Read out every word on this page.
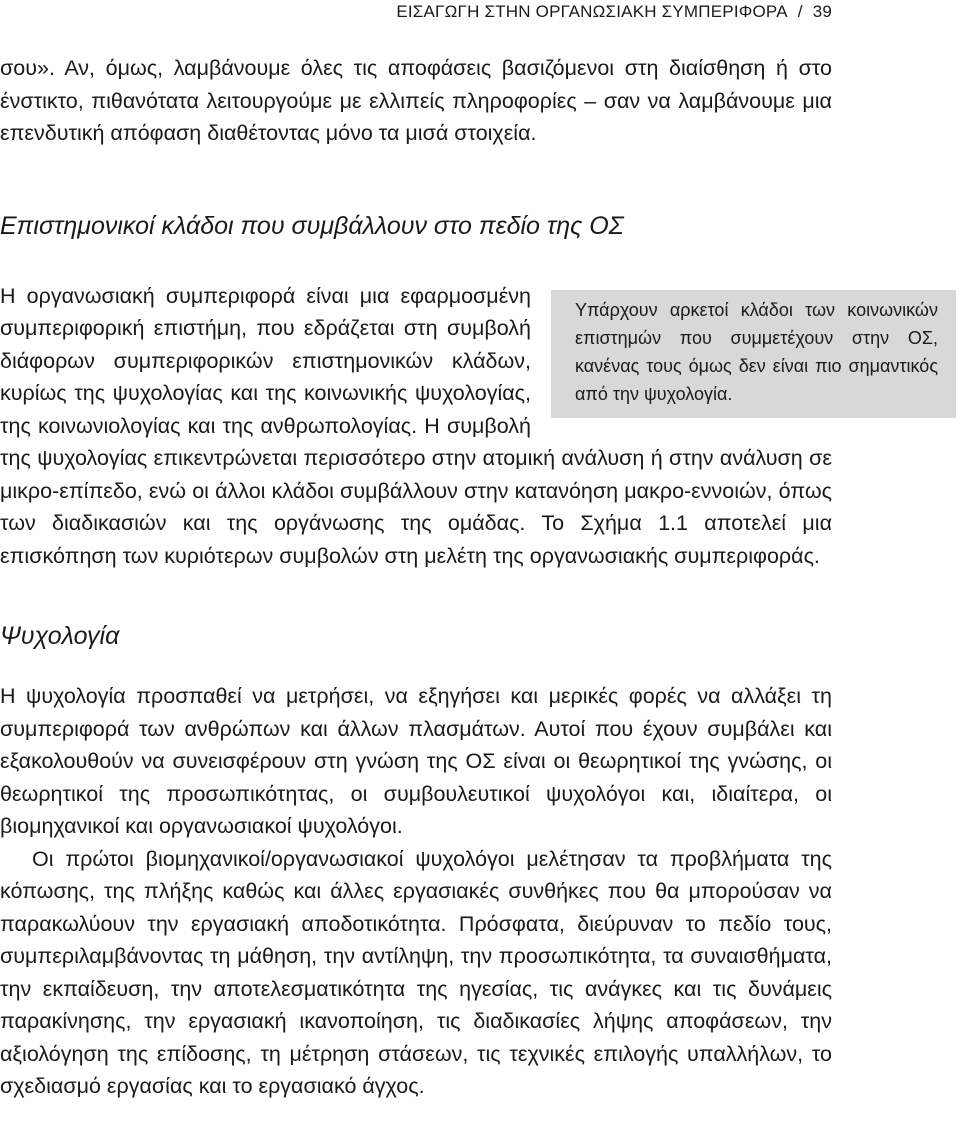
ΕΙΣΑΓΩΓΗ ΣΤΗΝ ΟΡΓΑΝΩΣΙΑΚΗ ΣΥΜΠΕΡΙΦΟΡΑ / 39

σου». Αν, όμως, λαμβάνουμε όλες τις αποφάσεις βασιζόμενοι στη διαίσθηση ή στο ένστικτο, πιθανότατα λειτουργούμε με ελλιπείς πληροφορίες – σαν να λαμβάνουμε μια επενδυτική απόφαση διαθέτοντας μόνο τα μισά στοιχεία.

Επιστημονικοί κλάδοι που συμβάλλουν στο πεδίο της ΟΣ
Υπάρχουν αρκετοί κλάδοι των κοινωνικών επιστημών που συμμετέχουν στην ΟΣ, κανένας τους όμως δεν είναι πιο σημαντικός από την ψυχολογία.

Η οργανωσιακή συμπεριφορά είναι μια εφαρμοσμένη συμπεριφορική επιστήμη, που εδράζεται στη συμβολή διάφορων συμπεριφορικών επιστημονικών κλάδων, κυρίως της ψυχολογίας και της κοινωνικής ψυχολογίας, της κοινωνιολογίας και της ανθρωπολογίας. Η συμβολή της ψυχολογίας επικεντρώνεται περισσότερο στην ατομική ανάλυση ή στην ανάλυση σε μικρο-επίπεδο, ενώ οι άλλοι κλάδοι συμβάλλουν στην κατανόηση μακρο-εννοιών, όπως των διαδικασιών και της οργάνωσης της ομάδας. Το Σχήμα 1.1 αποτελεί μια επισκόπηση των κυριότερων συμβολών στη μελέτη της οργανωσιακής συμπεριφοράς.

Ψυχολογία

Η ψυχολογία προσπαθεί να μετρήσει, να εξηγήσει και μερικές φορές να αλλάξει τη συμπεριφορά των ανθρώπων και άλλων πλασμάτων. Αυτοί που έχουν συμβάλει και εξακολουθούν να συνεισφέρουν στη γνώση της ΟΣ είναι οι θεωρητικοί της γνώσης, οι θεωρητικοί της προσωπικότητας, οι συμβουλευτικοί ψυχολόγοι και, ιδιαίτερα, οι βιομηχανικοί και οργανωσιακοί ψυχολόγοι.

Οι πρώτοι βιομηχανικοί/οργανωσιακοί ψυχολόγοι μελέτησαν τα προβλήματα της κόπωσης, της πλήξης καθώς και άλλες εργασιακές συνθήκες που θα μπορούσαν να παρακωλύουν την εργασιακή αποδοτικότητα. Πρόσφατα, διεύρυναν το πεδίο τους, συμπεριλαμβάνοντας τη μάθηση, την αντίληψη, την προσωπικότητα, τα συναισθήματα, την εκπαίδευση, την αποτελεσματικότητα της ηγεσίας, τις ανάγκες και τις δυνάμεις παρακίνησης, την εργασιακή ικανοποίηση, τις διαδικασίες λήψης αποφάσεων, την αξιολόγηση της επίδοσης, τη μέτρηση στάσεων, τις τεχνικές επιλογής υπαλλήλων, το σχεδιασμό εργασίας και το εργασιακό άγχος.
